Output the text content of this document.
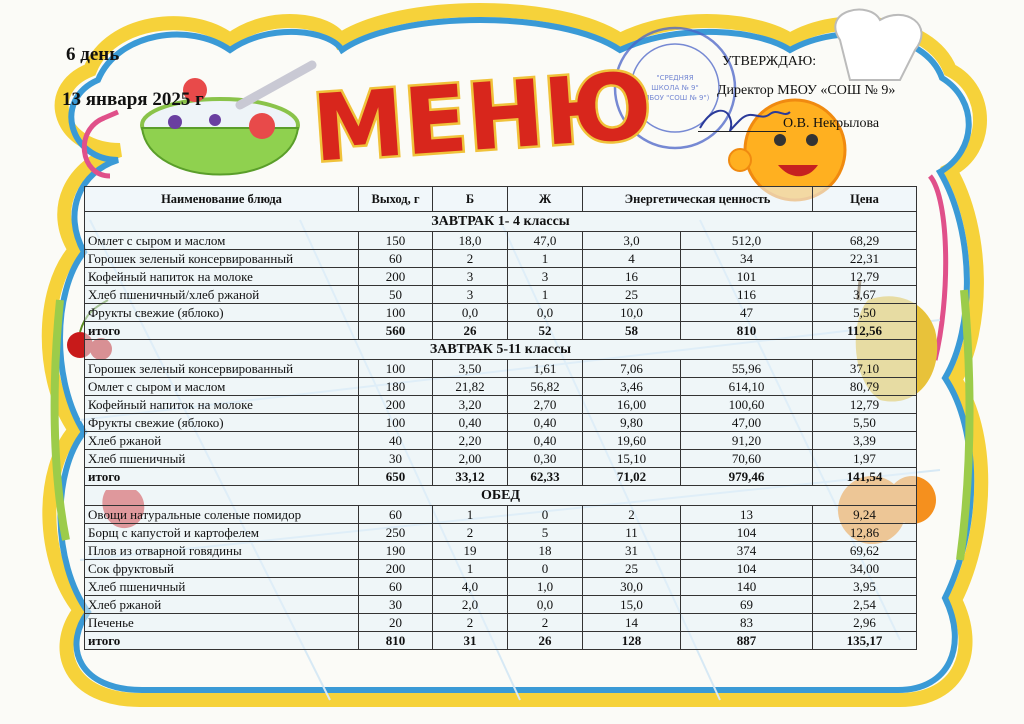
"СРЕДНЯЯ
ШКОЛА № 9"
(МБОУ "СОШ № 9")
6 день
13 января 2025 г МЕНЮ	УТВЕРЖДАЮ:
Директор МБОУ «СОШ № 9»
О.В. Некрылова
Наименование блюда	Выход, г	Б	Ж	Энергетическая ценность		Цена
ЗАВТРАК 1- 4 классы						
Омлет с сыром и маслом	150	18,0	47,0	3,0	512,0	68,29
Горошек зеленый консервированный	60	2	1	4	34	22,31
Кофейный напиток на молоке	200	3	3	16	101	12,79
Хлеб пшеничный/хлеб ржаной	50	3	1	25	116	3,67
Фрукты свежие (яблоко)	100	0,0	0,0	10,0	47	5,50
итого	560	26	52	58	810	112,56
ЗАВТРАК 5-11 классы						
Горошек зеленый консервированный	100	3,50	1,61	7,06	55,96	37,10
Омлет с сыром и маслом	180	21,82	56,82	3,46	614,10	80,79
Кофейный напиток на молоке	200	3,20	2,70	16,00	100,60	12,79
Фрукты свежие (яблоко)	100	0,40	0,40	9,80	47,00	5,50
Хлеб ржаной	40	2,20	0,40	19,60	91,20	3,39
Хлеб пшеничный	30	2,00	0,30	15,10	70,60	1,97
итого	650	33,12	62,33	71,02	979,46	141,54
ОБЕД						
Овощи натуральные соленые помидор	60	1	0	2	13	9,24
Борщ с капустой и картофелем	250	2	5	11	104	12,86
Плов из отварной говядины	190	19	18	31	374	69,62
Сок фруктовый	200	1	0	25	104	34,00
Хлеб пшеничный	60	4,0	1,0	30,0	140	3,95
Хлеб ржаной	30	2,0	0,0	15,0	69	2,54
Печенье	20	2	2	14	83	2,96
итого	810	31	26	128	887	135,17
